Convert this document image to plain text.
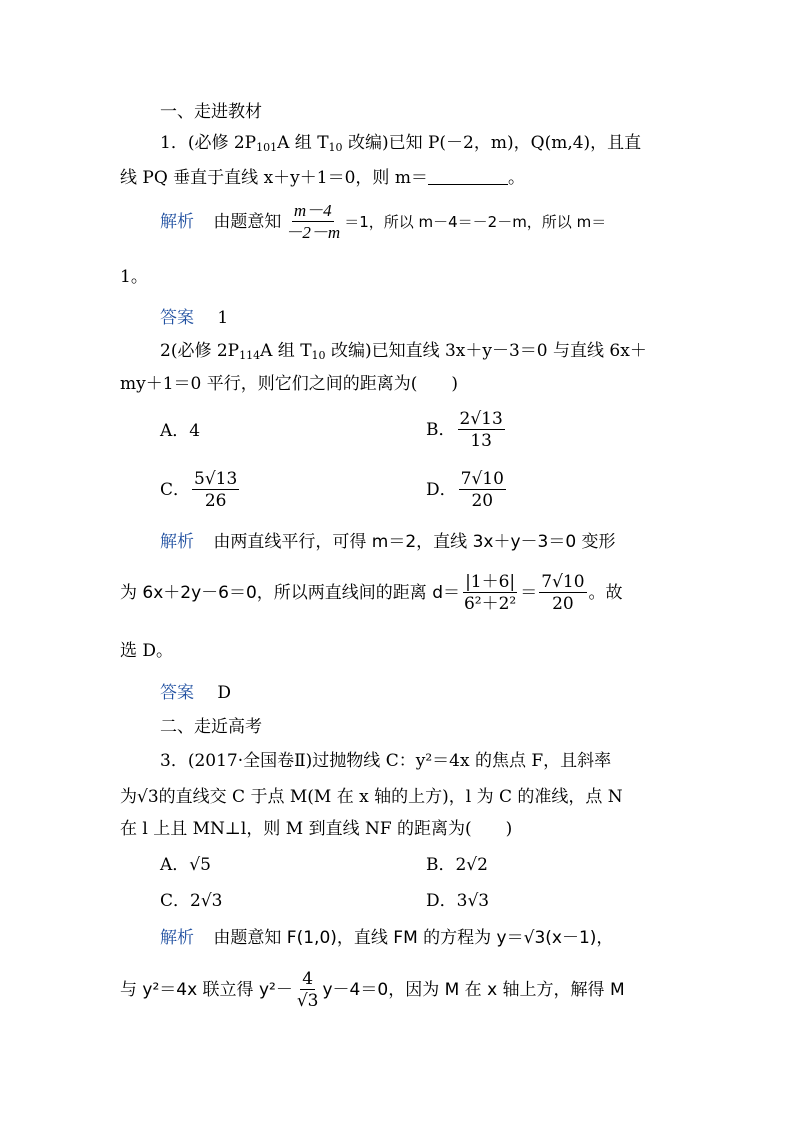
一、走进教材
1．(必修 $2P_{101}A$ 组 $T_{10}$ 改编)已知 P(－2，m)，Q(m,4)，且直
线 PQ 垂直于直线 x＋y＋1＝0，则 m＝	。
解析 由题意知 $\frac{m-4}{-2-m} =1$，所以 m－4＝－2－m，所以 m＝
1。
答案 1
2(必修 $2P_{114}A$ 组 $T_{10}$ 改编)已知直线 3x＋y－3＝0 与直线 6x＋
my＋1＝0 平行，则它们之间的距离为(　　)
A．4	B． $\frac{2√13}{13}$
C． $\frac{5√13}{26}$	D． $\frac{7√10}{20}$
解析 由两直线平行，可得 m＝2，直线 3x＋y－3＝0 变形
为 6x＋2y－6＝0，所以两直线间的距离 $d= \frac{|1+6|}{\text{6²＋2²}} = \frac{7√10}{20}$ 。故
选 D。
答案 D
二、走近高考
3．(2017·全国卷Ⅱ)过抛物线 C：y²＝4x 的焦点 F，且斜率
为√3的直线交 C 于点 M(M 在 x 轴的上方)，l 为 C 的准线，点 N
在 l 上且 MN⊥l，则 M 到直线 NF 的距离为(　　)
A．√5	B．2√2
C．2√3	D．3√3
解析 由题意知 F(1,0)，直线 FM 的方程为 y＝√3(x－1)，
与 y²＝4x 联立得 $y^2- \frac{4}{√3} y-4=0$，因为 M 在 x 轴上方，解得 M
